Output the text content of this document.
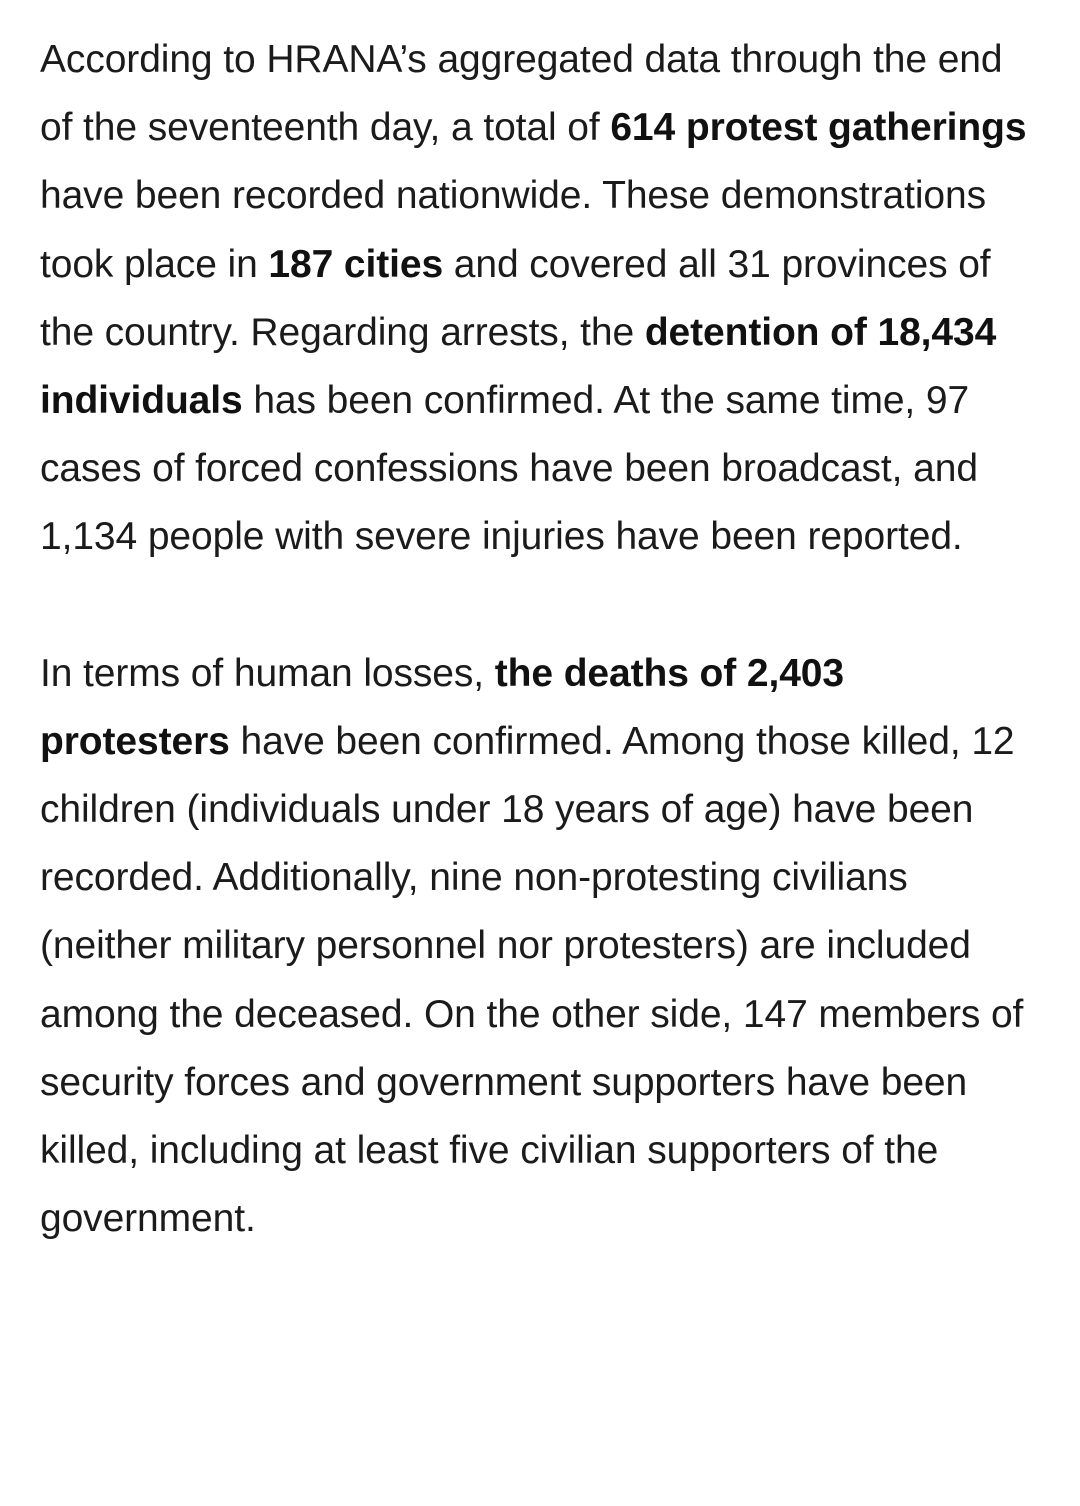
According to HRANA’s aggregated data through the end of the seventeenth day, a total of 614 protest gatherings have been recorded nationwide. These demonstrations took place in 187 cities and covered all 31 provinces of the country. Regarding arrests, the detention of 18,434 individuals has been confirmed. At the same time, 97 cases of forced confessions have been broadcast, and 1,134 people with severe injuries have been reported.

In terms of human losses, the deaths of 2,403 protesters have been confirmed. Among those killed, 12 children (individuals under 18 years of age) have been recorded. Additionally, nine non-protesting civilians (neither military personnel nor protesters) are included among the deceased. On the other side, 147 members of security forces and government supporters have been killed, including at least five civilian supporters of the government.
